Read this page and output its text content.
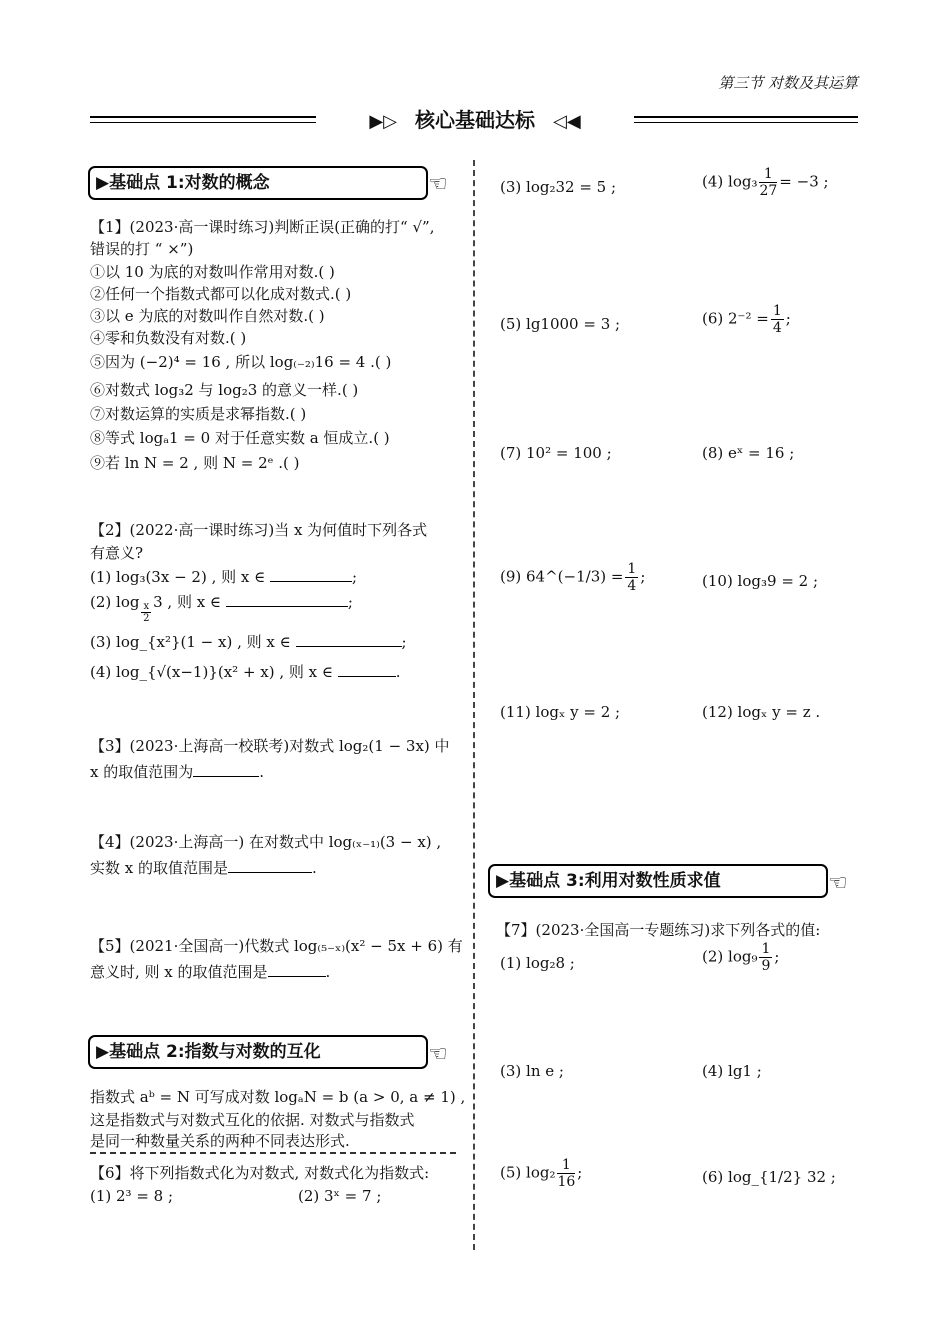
第三节 对数及其运算
▶▷ 核心基础达标 ◁◀
▶基础点 1:对数的概念	☜
【1】(2023·高一课时练习)判断正误(正确的打“ √”,
错误的打 “ ×”)
①以 10 为底的对数叫作常用对数.( )
②任何一个指数式都可以化成对数式.( )
③以 e 为底的对数叫作自然对数.( )
④零和负数没有对数.( )
⑤因为 (−2)⁴ = 16 , 所以 log₍₋₂₎16 = 4 .( )
⑥对数式 log₃2 与 log₂3 的意义一样.( )
⑦对数运算的实质是求幂指数.( )
⑧等式 logₐ1 = 0 对于任意实数 a 恒成立.( )
⑨若 ln N = 2 , 则 N = 2ᵉ .( )
【2】(2022·高一课时练习)当 x 为何值时下列各式
有意义?
(1) log₃(3x − 2) , 则 x ∈	;
(2) $\log \frac{x}{2} 3$ , 则 x ∈	;
(3) log_{x²}(1 − x) , 则 x ∈	;
(4) log_{√(x−1)}(x² + x) , 则 x ∈	.
【3】(2023·上海高一校联考)对数式 log₂(1 − 3x) 中
x 的取值范围为	.
【4】(2023·上海高一) 在对数式中 log₍ₓ₋₁₎(3 − x) ,
实数 x 的取值范围是	.
【5】(2021·全国高一)代数式 log₍₅₋ₓ₎(x² − 5x + 6) 有
意义时, 则 x 的取值范围是	.
▶基础点 2:指数与对数的互化	☜
指数式 aᵇ = N 可写成对数 logₐN = b (a > 0, a ≠ 1) ,
这是指数式与对数式互化的依据. 对数式与指数式
是同一种数量关系的两种不同表达形式.
【6】将下列指数式化为对数式, 对数式化为指数式:
(1) 2³ = 8 ;	(2) 3ˣ = 7 ;
(3) log₂32 = 5 ;	(4) $\log_3 \frac{1}{27} = -3$ ;
(5) lg1000 = 3 ;	(6) $2^{-2} = \frac{1}{4}$ ;
(7) 10² = 100 ;	(8) eˣ = 16 ;
(9) 64^(−1/3) = $\frac{1}{4}$ ;	(10) log₃9 = 2 ;
(11) logₓ y = 2 ;	(12) logₓ y = z .
▶基础点 3:利用对数性质求值	☜
【7】(2023·全国高一专题练习)求下列各式的值:
(1) log₂8 ;	(2) $\log_9 \frac{1}{9}$ ;
(3) ln e ;	(4) lg1 ;
(5) $\log_2 \frac{1}{16}$ ;	(6) log_{1/2} 32 ;
